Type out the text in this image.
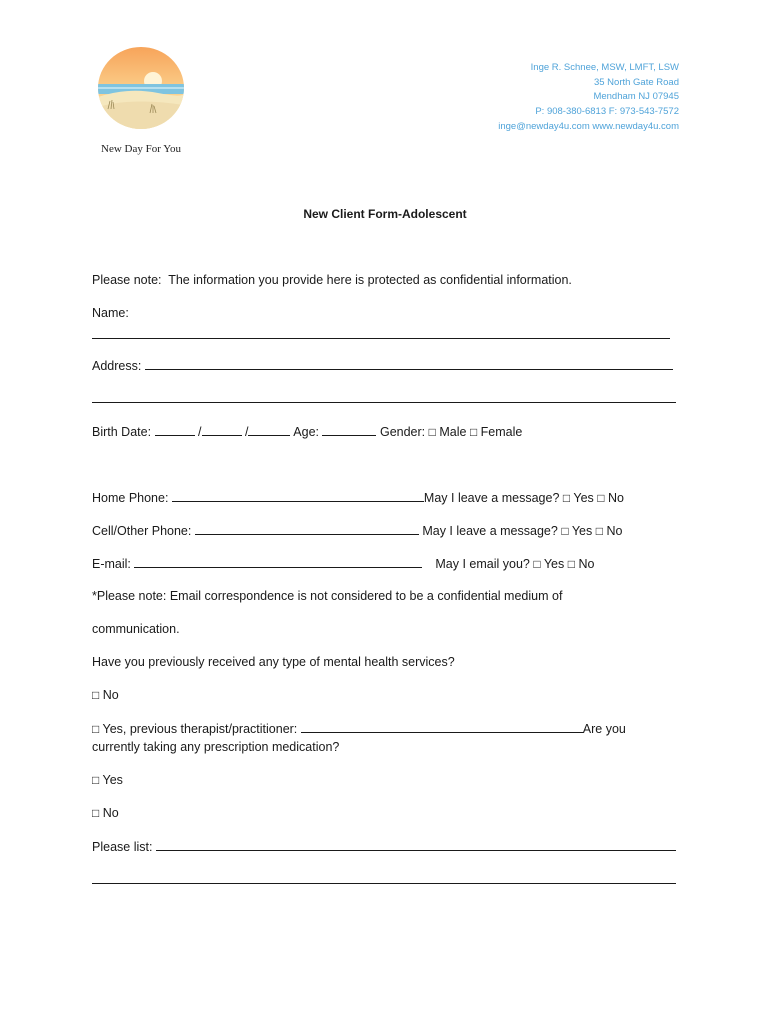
New Day For You
Inge R. Schnee, MSW, LMFT, LSW
35 North Gate Road
Mendham NJ 07945
P: 908-380-6813 F: 973-543-7572
inge@newday4u.com www.newday4u.com
New Client Form-Adolescent
Please note:  The information you provide here is protected as confidential information.
Name:
Address:
Birth Date:	/	/	Age:	Gender: □ Male □ Female
Home Phone:	May I leave a message? □ Yes □ No
Cell/Other Phone:	May I leave a message? □ Yes □ No
E-mail:	May I email you? □ Yes □ No
*Please note: Email correspondence is not considered to be a confidential medium of
communication.
Have you previously received any type of mental health services?
□ No
□ Yes, previous therapist/practitioner:	Are you
currently taking any prescription medication?
□ Yes
□ No
Please list:
